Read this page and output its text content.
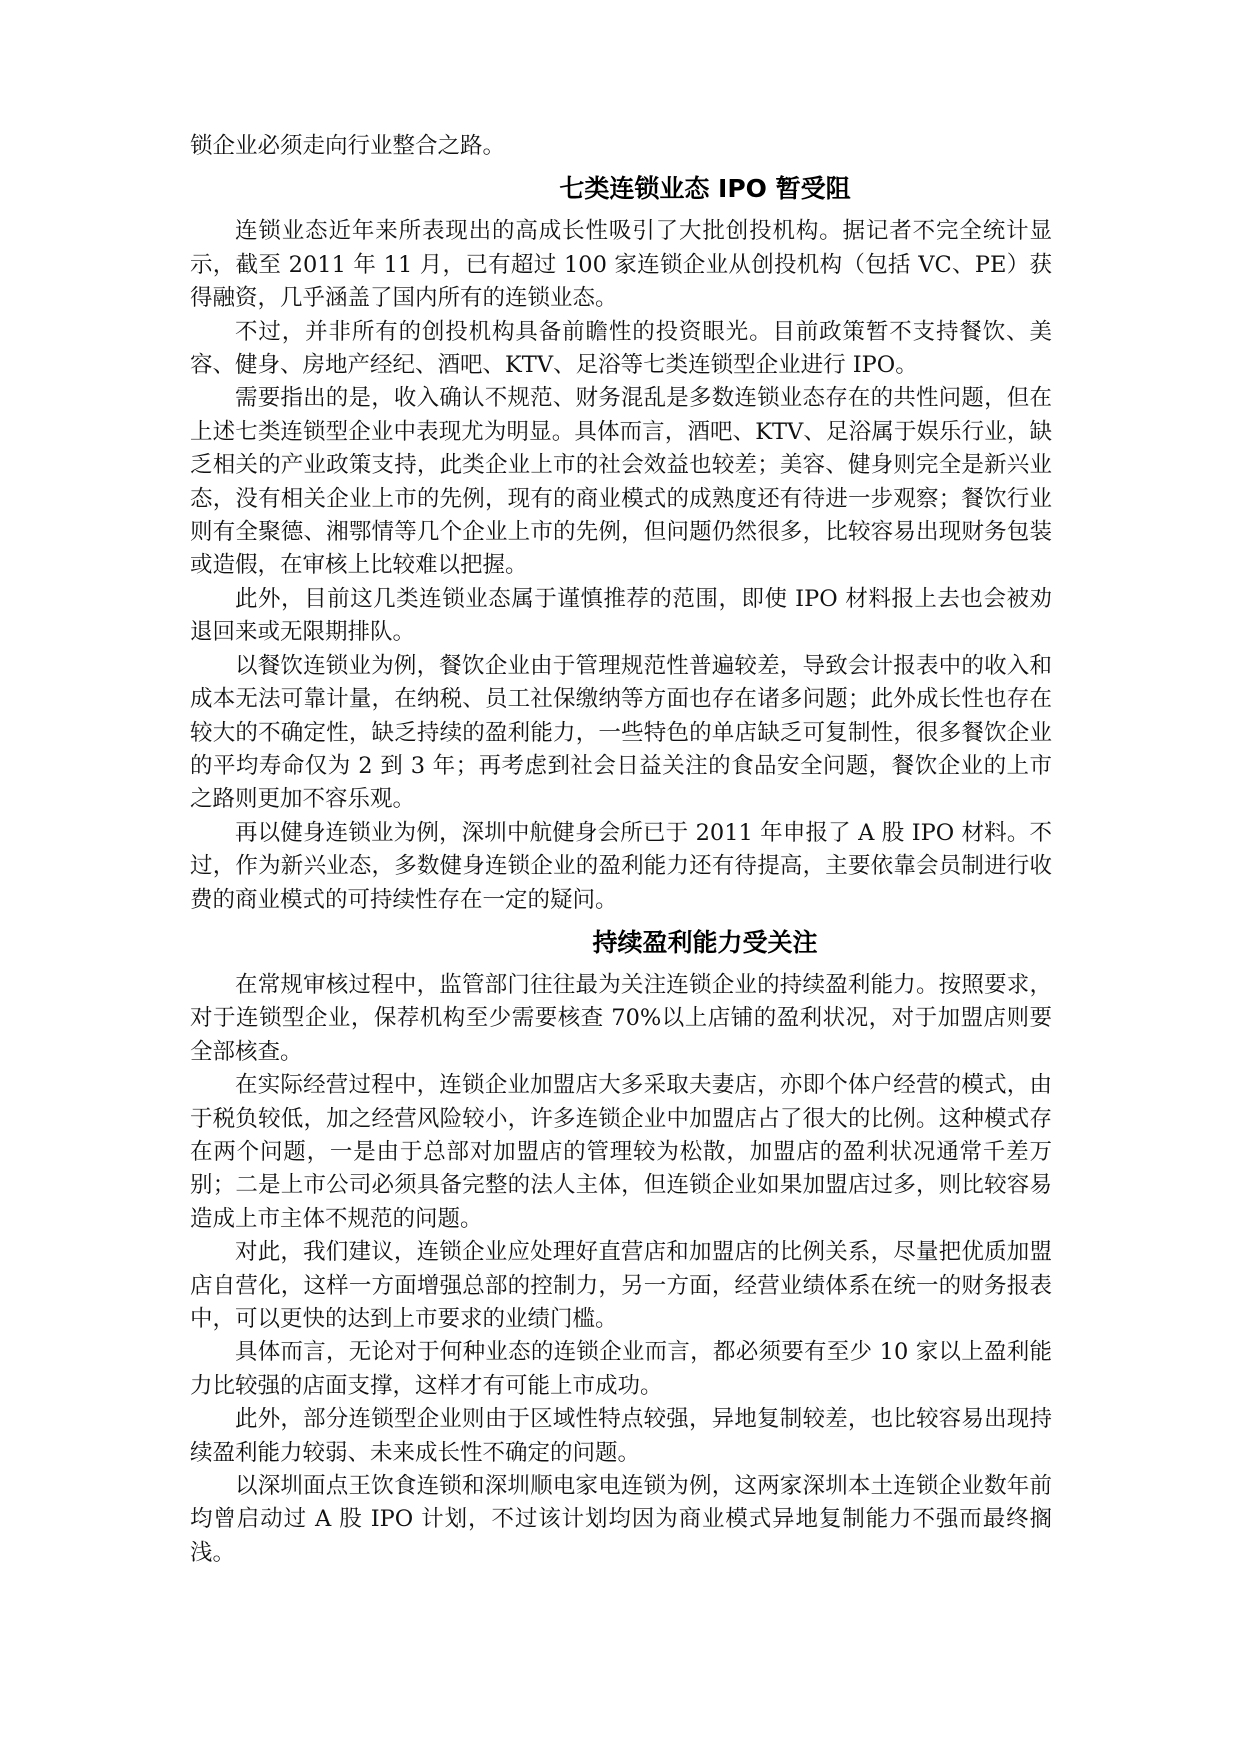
锁企业必须走向行业整合之路。

七类连锁业态 IPO 暂受阻

连锁业态近年来所表现出的高成长性吸引了大批创投机构。据记者不完全统计显示，截至 2011 年 11 月，已有超过 100 家连锁企业从创投机构（包括 VC、PE）获得融资，几乎涵盖了国内所有的连锁业态。

不过，并非所有的创投机构具备前瞻性的投资眼光。目前政策暂不支持餐饮、美容、健身、房地产经纪、酒吧、KTV、足浴等七类连锁型企业进行 IPO。

需要指出的是，收入确认不规范、财务混乱是多数连锁业态存在的共性问题，但在上述七类连锁型企业中表现尤为明显。具体而言，酒吧、KTV、足浴属于娱乐行业，缺乏相关的产业政策支持，此类企业上市的社会效益也较差；美容、健身则完全是新兴业态，没有相关企业上市的先例，现有的商业模式的成熟度还有待进一步观察；餐饮行业则有全聚德、湘鄂情等几个企业上市的先例，但问题仍然很多，比较容易出现财务包装或造假，在审核上比较难以把握。

此外，目前这几类连锁业态属于谨慎推荐的范围，即使 IPO 材料报上去也会被劝退回来或无限期排队。

以餐饮连锁业为例，餐饮企业由于管理规范性普遍较差，导致会计报表中的收入和成本无法可靠计量，在纳税、员工社保缴纳等方面也存在诸多问题；此外成长性也存在较大的不确定性，缺乏持续的盈利能力，一些特色的单店缺乏可复制性，很多餐饮企业的平均寿命仅为 2 到 3 年；再考虑到社会日益关注的食品安全问题，餐饮企业的上市之路则更加不容乐观。

再以健身连锁业为例，深圳中航健身会所已于 2011 年申报了 A 股 IPO 材料。不过，作为新兴业态，多数健身连锁企业的盈利能力还有待提高，主要依靠会员制进行收费的商业模式的可持续性存在一定的疑问。

持续盈利能力受关注

在常规审核过程中，监管部门往往最为关注连锁企业的持续盈利能力。按照要求，对于连锁型企业，保荐机构至少需要核查 70%以上店铺的盈利状况，对于加盟店则要全部核查。

在实际经营过程中，连锁企业加盟店大多采取夫妻店，亦即个体户经营的模式，由于税负较低，加之经营风险较小，许多连锁企业中加盟店占了很大的比例。这种模式存在两个问题，一是由于总部对加盟店的管理较为松散，加盟店的盈利状况通常千差万别；二是上市公司必须具备完整的法人主体，但连锁企业如果加盟店过多，则比较容易造成上市主体不规范的问题。

对此，我们建议，连锁企业应处理好直营店和加盟店的比例关系，尽量把优质加盟店自营化，这样一方面增强总部的控制力，另一方面，经营业绩体系在统一的财务报表中，可以更快的达到上市要求的业绩门槛。

具体而言，无论对于何种业态的连锁企业而言，都必须要有至少 10 家以上盈利能力比较强的店面支撑，这样才有可能上市成功。

此外，部分连锁型企业则由于区域性特点较强，异地复制较差，也比较容易出现持续盈利能力较弱、未来成长性不确定的问题。

以深圳面点王饮食连锁和深圳顺电家电连锁为例，这两家深圳本土连锁企业数年前均曾启动过 A 股 IPO 计划，不过该计划均因为商业模式异地复制能力不强而最终搁浅。
